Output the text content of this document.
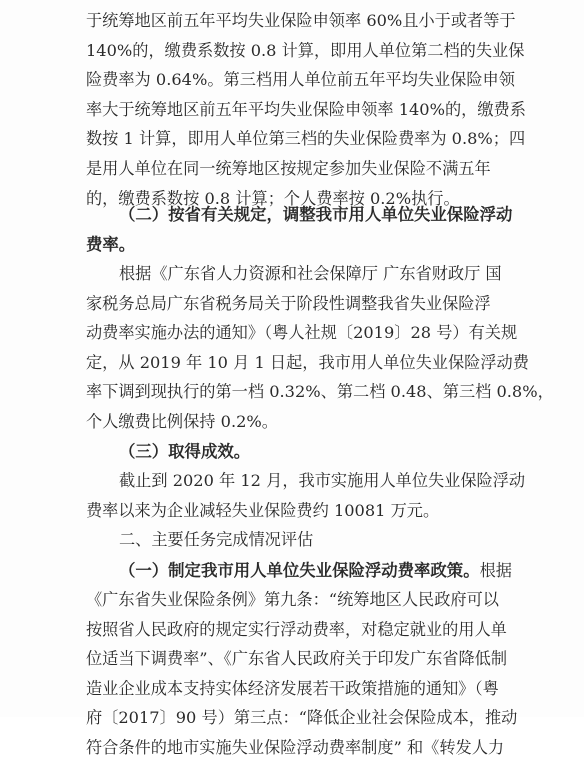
于统筹地区前五年平均失业保险申领率 60%且小于或者等于
140%的，缴费系数按 0.8 计算，即用人单位第二档的失业保
险费率为 0.64%。第三档用人单位前五年平均失业保险申领
率大于统筹地区前五年平均失业保险申领率 140%的，缴费系
数按 1 计算，即用人单位第三档的失业保险费率为 0.8%；四
是用人单位在同一统筹地区按规定参加失业保险不满五年
的，缴费系数按 0.8 计算；个人费率按 0.2%执行。
（二）按省有关规定，调整我市用人单位失业保险浮动
费率。
根据《广东省人力资源和社会保障厅 广东省财政厅 国
家税务总局广东省税务局关于阶段性调整我省失业保险浮
动费率实施办法的通知》（粤人社规〔2019〕28 号）有关规
定，从 2019 年 10 月 1 日起，我市用人单位失业保险浮动费
率下调到现执行的第一档 0.32%、第二档 0.48、第三档 0.8%，
个人缴费比例保持 0.2%。
（三）取得成效。
截止到 2020 年 12 月，我市实施用人单位失业保险浮动
费率以来为企业减轻失业保险费约 10081 万元。
二、主要任务完成情况评估
（一）制定我市用人单位失业保险浮动费率政策。根据
《广东省失业保险条例》第九条：“统筹地区人民政府可以
按照省人民政府的规定实行浮动费率，对稳定就业的用人单
位适当下调费率”、《广东省人民政府关于印发广东省降低制
造业企业成本支持实体经济发展若干政策措施的通知》（粤
府〔2017〕90 号）第三点：“降低企业社会保险成本，推动
符合条件的地市实施失业保险浮动费率制度” 和《转发人力
